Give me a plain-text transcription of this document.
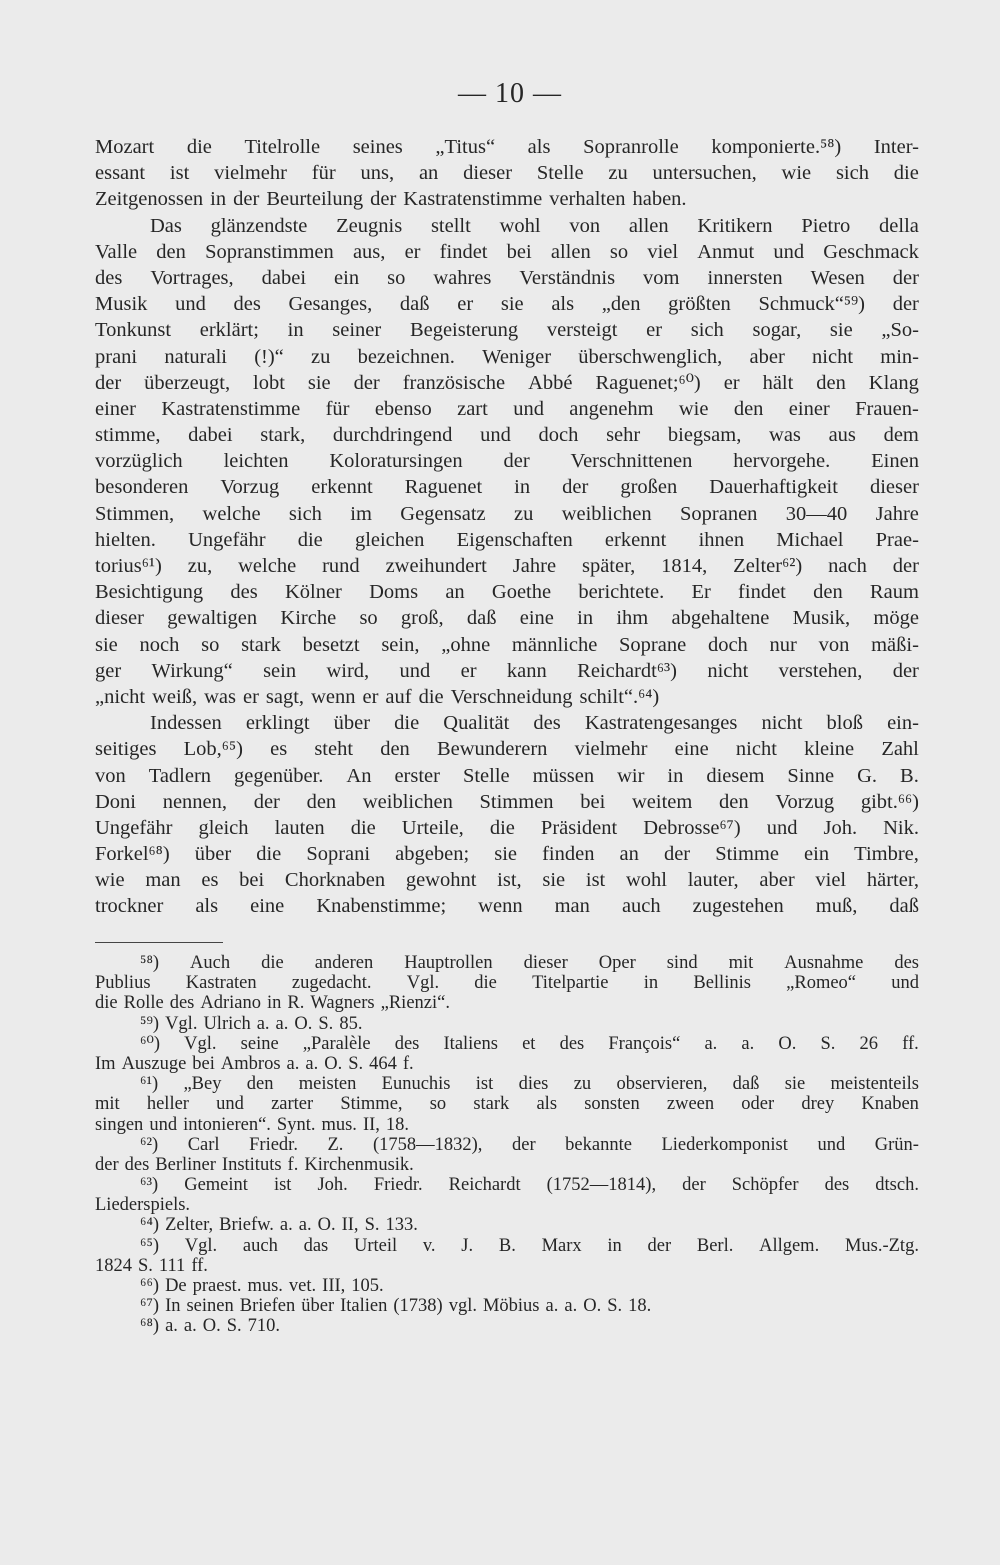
— 10 —
Mozart die Titelrolle seines „Titus“ als Sopranrolle komponierte.⁵⁸) Inter-
essant ist vielmehr für uns, an dieser Stelle zu untersuchen, wie sich die
Zeitgenossen in der Beurteilung der Kastratenstimme verhalten haben.
Das glänzendste Zeugnis stellt wohl von allen Kritikern Pietro della
Valle den Sopranstimmen aus, er findet bei allen so viel Anmut und Geschmack
des Vortrages, dabei ein so wahres Verständnis vom innersten Wesen der
Musik und des Gesanges, daß er sie als „den größten Schmuck“⁵⁹) der
Tonkunst erklärt; in seiner Begeisterung versteigt er sich sogar, sie „So-
prani naturali (!)“ zu bezeichnen. Weniger überschwenglich, aber nicht min-
der überzeugt, lobt sie der französische Abbé Raguenet;⁶⁰) er hält den Klang
einer Kastratenstimme für ebenso zart und angenehm wie den einer Frauen-
stimme, dabei stark, durchdringend und doch sehr biegsam, was aus dem
vorzüglich leichten Koloratursingen der Verschnittenen hervorgehe. Einen
besonderen Vorzug erkennt Raguenet in der großen Dauerhaftigkeit dieser
Stimmen, welche sich im Gegensatz zu weiblichen Sopranen 30—40 Jahre
hielten. Ungefähr die gleichen Eigenschaften erkennt ihnen Michael Prae-
torius⁶¹) zu, welche rund zweihundert Jahre später, 1814, Zelter⁶²) nach der
Besichtigung des Kölner Doms an Goethe berichtete. Er findet den Raum
dieser gewaltigen Kirche so groß, daß eine in ihm abgehaltene Musik, möge
sie noch so stark besetzt sein, „ohne männliche Soprane doch nur von mäßi-
ger Wirkung“ sein wird, und er kann Reichardt⁶³) nicht verstehen, der
„nicht weiß, was er sagt, wenn er auf die Verschneidung schilt“.⁶⁴)
Indessen erklingt über die Qualität des Kastratengesanges nicht bloß ein-
seitiges Lob,⁶⁵) es steht den Bewunderern vielmehr eine nicht kleine Zahl
von Tadlern gegenüber. An erster Stelle müssen wir in diesem Sinne G. B.
Doni nennen, der den weiblichen Stimmen bei weitem den Vorzug gibt.⁶⁶)
Ungefähr gleich lauten die Urteile, die Präsident Debrosse⁶⁷) und Joh. Nik.
Forkel⁶⁸) über die Soprani abgeben; sie finden an der Stimme ein Timbre,
wie man es bei Chorknaben gewohnt ist, sie ist wohl lauter, aber viel härter,
trockner als eine Knabenstimme; wenn man auch zugestehen muß, daß
⁵⁸) Auch die anderen Hauptrollen dieser Oper sind mit Ausnahme des
Publius Kastraten zugedacht. Vgl. die Titelpartie in Bellinis „Romeo“ und
die Rolle des Adriano in R. Wagners „Rienzi“.
⁵⁹) Vgl. Ulrich a. a. O. S. 85.
⁶⁰) Vgl. seine „Paralèle des Italiens et des François“ a. a. O. S. 26 ff.
Im Auszuge bei Ambros a. a. O. S. 464 f.
⁶¹) „Bey den meisten Eunuchis ist dies zu observieren, daß sie meistenteils
mit heller und zarter Stimme, so stark als sonsten zween oder drey Knaben
singen und intonieren“. Synt. mus. II, 18.
⁶²) Carl Friedr. Z. (1758—1832), der bekannte Liederkomponist und Grün-
der des Berliner Instituts f. Kirchenmusik.
⁶³) Gemeint ist Joh. Friedr. Reichardt (1752—1814), der Schöpfer des dtsch.
Liederspiels.
⁶⁴) Zelter, Briefw. a. a. O. II, S. 133.
⁶⁵) Vgl. auch das Urteil v. J. B. Marx in der Berl. Allgem. Mus.-Ztg.
1824 S. 111 ff.
⁶⁶) De praest. mus. vet. III, 105.
⁶⁷) In seinen Briefen über Italien (1738) vgl. Möbius a. a. O. S. 18.
⁶⁸) a. a. O. S. 710.
